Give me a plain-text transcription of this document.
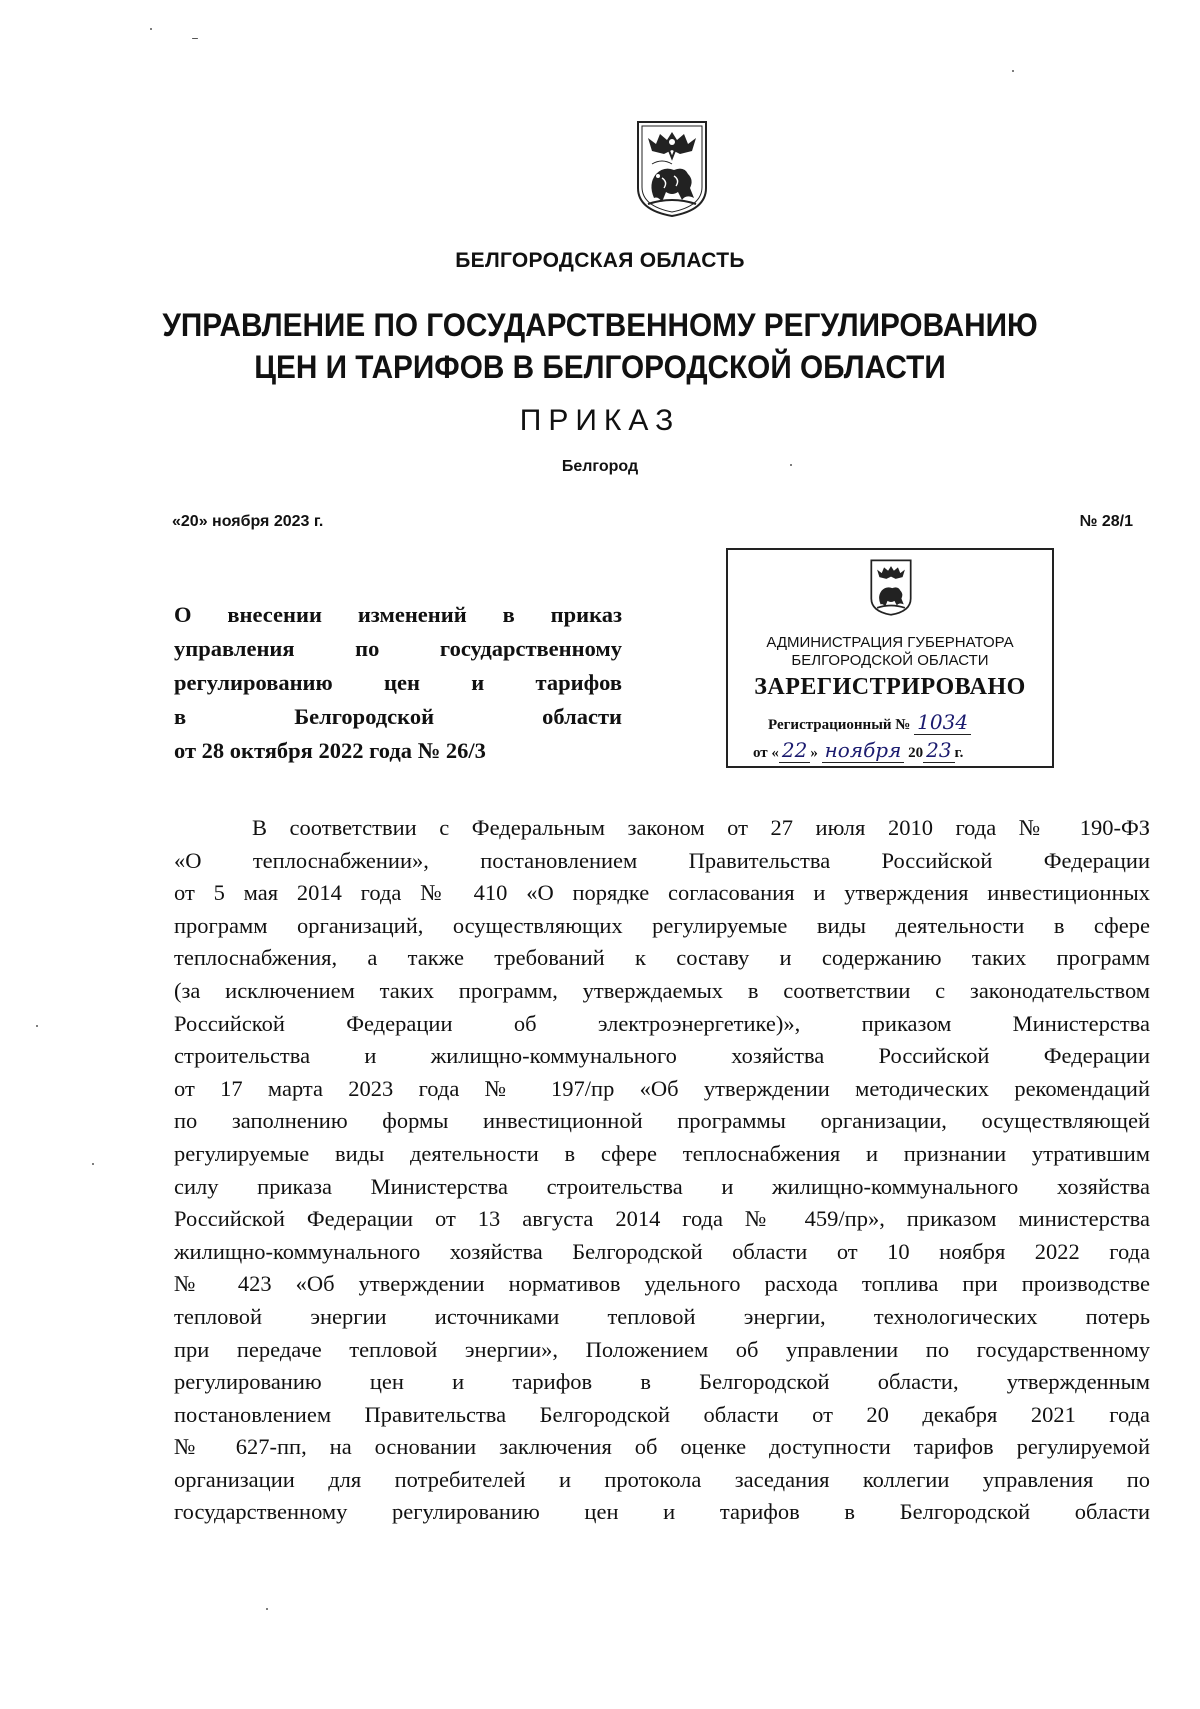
БЕЛГОРОДСКАЯ ОБЛАСТЬ

УПРАВЛЕНИЕ ПО ГОСУДАРСТВЕННОМУ РЕГУЛИРОВАНИЮ
ЦЕН И ТАРИФОВ В БЕЛГОРОДСКОЙ ОБЛАСТИ

ПРИКАЗ

Белгород

«20» ноября 2023 г.	№ 28/1
О внесении изменений в приказ
управления по государственному
регулированию цен и тарифов
в Белгородской области
от 28 октября 2022 года № 26/3
АДМИНИСТРАЦИЯ ГУБЕРНАТОРА
БЕЛГОРОДСКОЙ ОБЛАСТИ
ЗАРЕГИСТРИРОВАНО
Регистрационный № 1034
от « 22 » ноября 20 23 г.
В соответствии с Федеральным законом от 27 июля 2010 года № 190-ФЗ
«О теплоснабжении», постановлением Правительства Российской Федерации
от 5 мая 2014 года № 410 «О порядке согласования и утверждения инвестиционных
программ организаций, осуществляющих регулируемые виды деятельности в сфере
теплоснабжения, а также требований к составу и содержанию таких программ
(за исключением таких программ, утверждаемых в соответствии с законодательством
Российской Федерации об электроэнергетике)», приказом Министерства
строительства и жилищно-коммунального хозяйства Российской Федерации
от 17 марта 2023 года № 197/пр «Об утверждении методических рекомендаций
по заполнению формы инвестиционной программы организации, осуществляющей
регулируемые виды деятельности в сфере теплоснабжения и признании утратившим
силу приказа Министерства строительства и жилищно-коммунального хозяйства
Российской Федерации от 13 августа 2014 года № 459/пр», приказом министерства
жилищно-коммунального хозяйства Белгородской области от 10 ноября 2022 года
№ 423 «Об утверждении нормативов удельного расхода топлива при производстве
тепловой энергии источниками тепловой энергии, технологических потерь
при передаче тепловой энергии», Положением об управлении по государственному
регулированию цен и тарифов в Белгородской области, утвержденным
постановлением Правительства Белгородской области от 20 декабря 2021 года
№ 627-пп, на основании заключения об оценке доступности тарифов регулируемой
организации для потребителей и протокола заседания коллегии управления по
государственному регулированию цен и тарифов в Белгородской области
